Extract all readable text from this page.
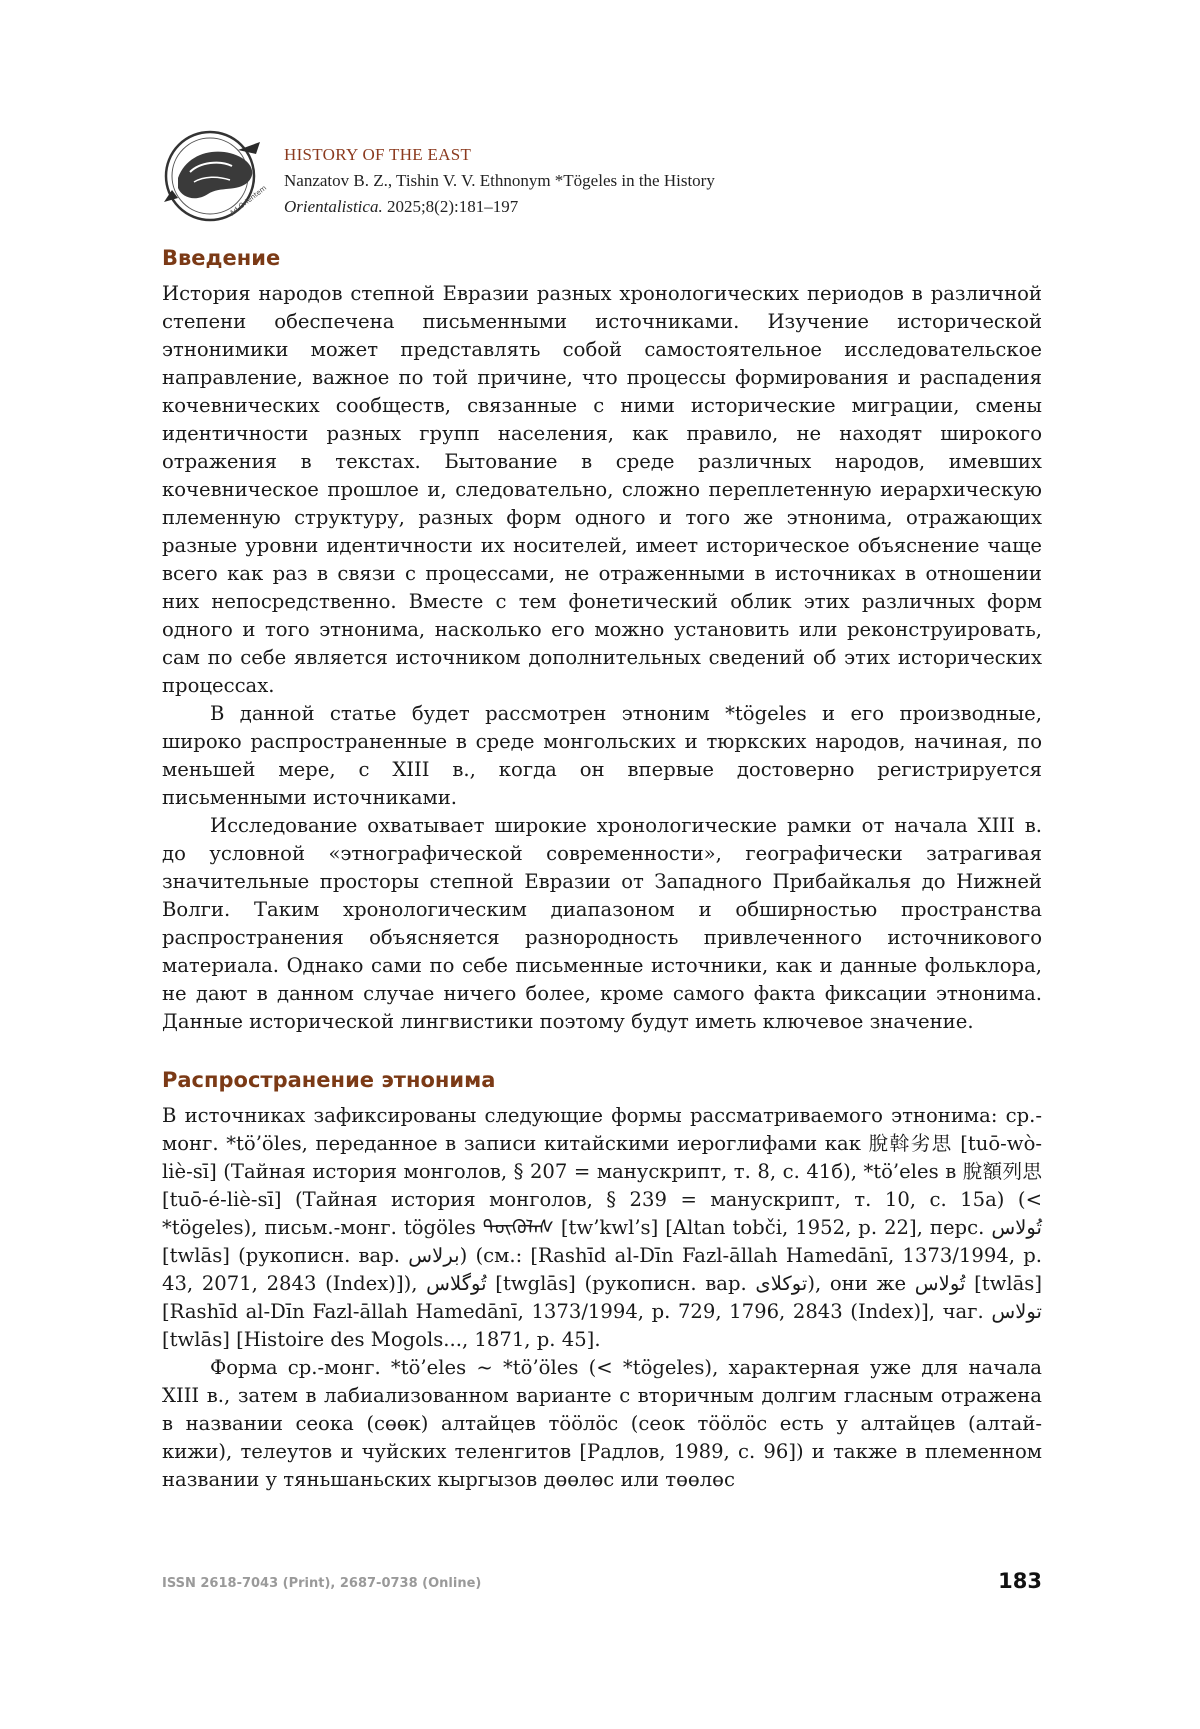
Ad Orientem
HISTORY OF THE EAST
Nanzatov B. Z., Tishin V. V. Ethnonym *Tögeles in the History
Orientalistica. 2025;8(2):181–197
Введение

История народов степной Евразии разных хронологических периодов в различной степени обеспечена письменными источниками. Изучение исторической этнонимики может представлять собой самостоятельное исследовательское направление, важное по той причине, что процессы формирования и распадения кочевнических сообществ, связанные с ними исторические миграции, смены идентичности разных групп населения, как правило, не находят широкого отражения в текстах. Бытование в среде различных народов, имевших кочевническое прошлое и, следовательно, сложно переплетенную иерархическую племенную структуру, разных форм одного и того же этнонима, отражающих разные уровни идентичности их носителей, имеет историческое объяснение чаще всего как раз в связи с процессами, не отраженными в источниках в отношении них непосредственно. Вместе с тем фонетический облик этих различных форм одного и того этнонима, насколько его можно установить или реконструировать, сам по себе является источником дополнительных сведений об этих исторических процессах.

В данной статье будет рассмотрен этноним *tögeles и его производные, широко распространенные в среде монгольских и тюркских народов, начиная, по меньшей мере, с XIII в., когда он впервые достоверно регистрируется письменными источниками.

Исследование охватывает широкие хронологические рамки от начала XIII в. до условной «этнографической современности», географически затрагивая значительные просторы степной Евразии от Западного Прибайкалья до Нижней Волги. Таким хронологическим диапазоном и обширностью пространства распространения объясняется разнородность привлеченного источникового материала. Однако сами по себе письменные источники, как и данные фольклора, не дают в данном случае ничего более, кроме самого факта фиксации этнонима. Данные исторической лингвистики поэтому будут иметь ключевое значение.

Распространение этнонима

В источниках зафиксированы следующие формы рассматриваемого этнонима: ср.-монг. *tö’öles, переданное в записи китайскими иероглифами как 脫斡劣思 [tuō-wò-liè-sī] (Тайная история монголов, § 207 = манускрипт, т. 8, с. 41б), *tö’eles в 脫額列思 [tuō-é-liè-sī] (Тайная история монголов, § 239 = манускрипт, т. 10, с. 15а) (< *tögeles), письм.-монг. tögöles ᠲᠥᠭᠥᠯᠡᠰ [tw’kwl’s] [Altan tobči, 1952, p. 22], перс. تُولاس [twlās] (рукописн. вар. برلاس) (см.: [Rashīd al-Dīn Fazl-āllah Hamedānī, 1373/1994, p. 43, 2071, 2843 (Index)]), تُوگلاس [twglās] (рукописн. вар. توكلاى), они же تُولاس [twlās] [Rashīd al-Dīn Fazl-āllah Hamedānī, 1373/1994, p. 729, 1796, 2843 (Index)], чаг. تولاس [twlās] [Histoire des Mogols..., 1871, p. 45].

Форма ср.-монг. *tö’eles ~ *tö’öles (< *tögeles), характерная уже для начала XIII в., затем в лабиализованном варианте с вторичным долгим гласным отражена в названии сеока (сөөк) алтайцев тӧӧлӧс (сеок тӧӧлӧс есть у алтайцев (алтай-кижи), телеутов и чуйских теленгитов [Радлов, 1989, с. 96]) и также в племенном названии у тяньшаньских кыргызов дөөлөс или төөлөс

ISSN 2618-7043 (Print), 2687-0738 (Online)	183
